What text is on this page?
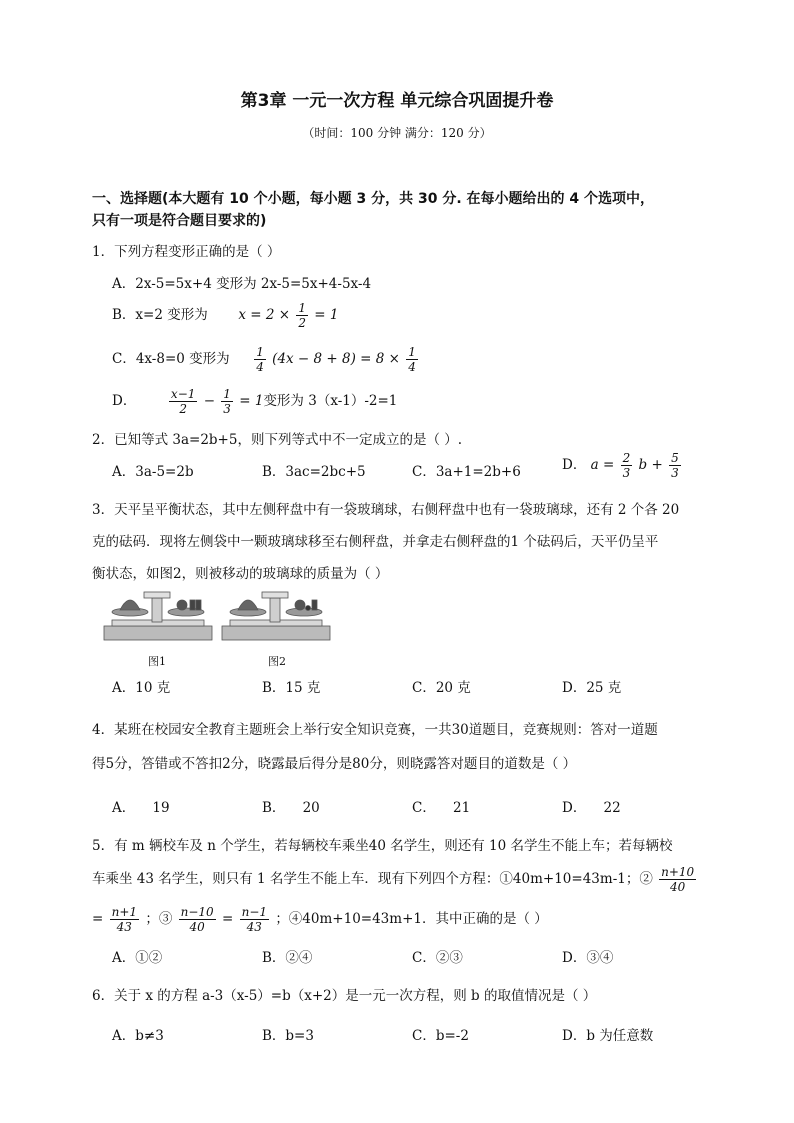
第3章 一元一次方程 单元综合巩固提升卷
（时间：100 分钟 满分：120 分）
一、选择题(本大题有 10 个小题，每小题 3 分，共 30 分. 在每小题给出的 4 个选项中，
只有一项是符合题目要求的)
1．下列方程变形正确的是（ ）
A．2x-5=5x+4 变形为 2x-5=5x+4-5x-4
B．x=2 变形为 $x = 2 \times \frac{1}{2} = 1$
C．4x-8=0 变形为 $\frac{1}{4} (4x - 8 + 8) = 8 \times \frac{1}{4}$
D．	$\frac{x-1}{2} - \frac{1}{3} = 1$变形为 3（x-1）-2=1
2．已知等式 3a=2b+5，则下列等式中不一定成立的是（ ）.
A．3a-5=2b	B．3ac=2bc+5	C．3a+1=2b+6	D． $a = \frac{2}{3}$ $b + \frac{5}{3}$
3．天平呈平衡状态，其中左侧秤盘中有一袋玻璃球，右侧秤盘中也有一袋玻璃球，还有 2 个各 20
克的砝码．现将左侧袋中一颗玻璃球移至右侧秤盘，并拿走右侧秤盘的1 个砝码后，天平仍呈平
衡状态，如图2，则被移动的玻璃球的质量为（ ）
图1	图2
A．10 克	B．15 克	C．20 克	D．25 克
4．某班在校园安全教育主题班会上举行安全知识竞赛，一共30道题目，竞赛规则：答对一道题
得5分，答错或不答扣2分，晓露最后得分是80分，则晓露答对题目的道数是（ ）
A．    19	B．    20	C．    21	D．    22
5．有 m 辆校车及 n 个学生，若每辆校车乘坐40 名学生，则还有 10 名学生不能上车；若每辆校
车乘坐 43 名学生，则只有 1 名学生不能上车．现有下列四个方程：①40m+10=43m-1；② $\frac{n+10}{40}$
= $\frac{n+1}{43}$ ；③ $\frac{n-10}{40} = \frac{n-1}{43}$ ；④40m+10=43m+1．其中正确的是（ ）
A．①②	B．②④	C．②③	D．③④
6．关于 x 的方程 a-3（x-5）=b（x+2）是一元一次方程，则 b 的取值情况是（ ）
A．b≠3	B．b=3	C．b=-2	D．b 为任意数
